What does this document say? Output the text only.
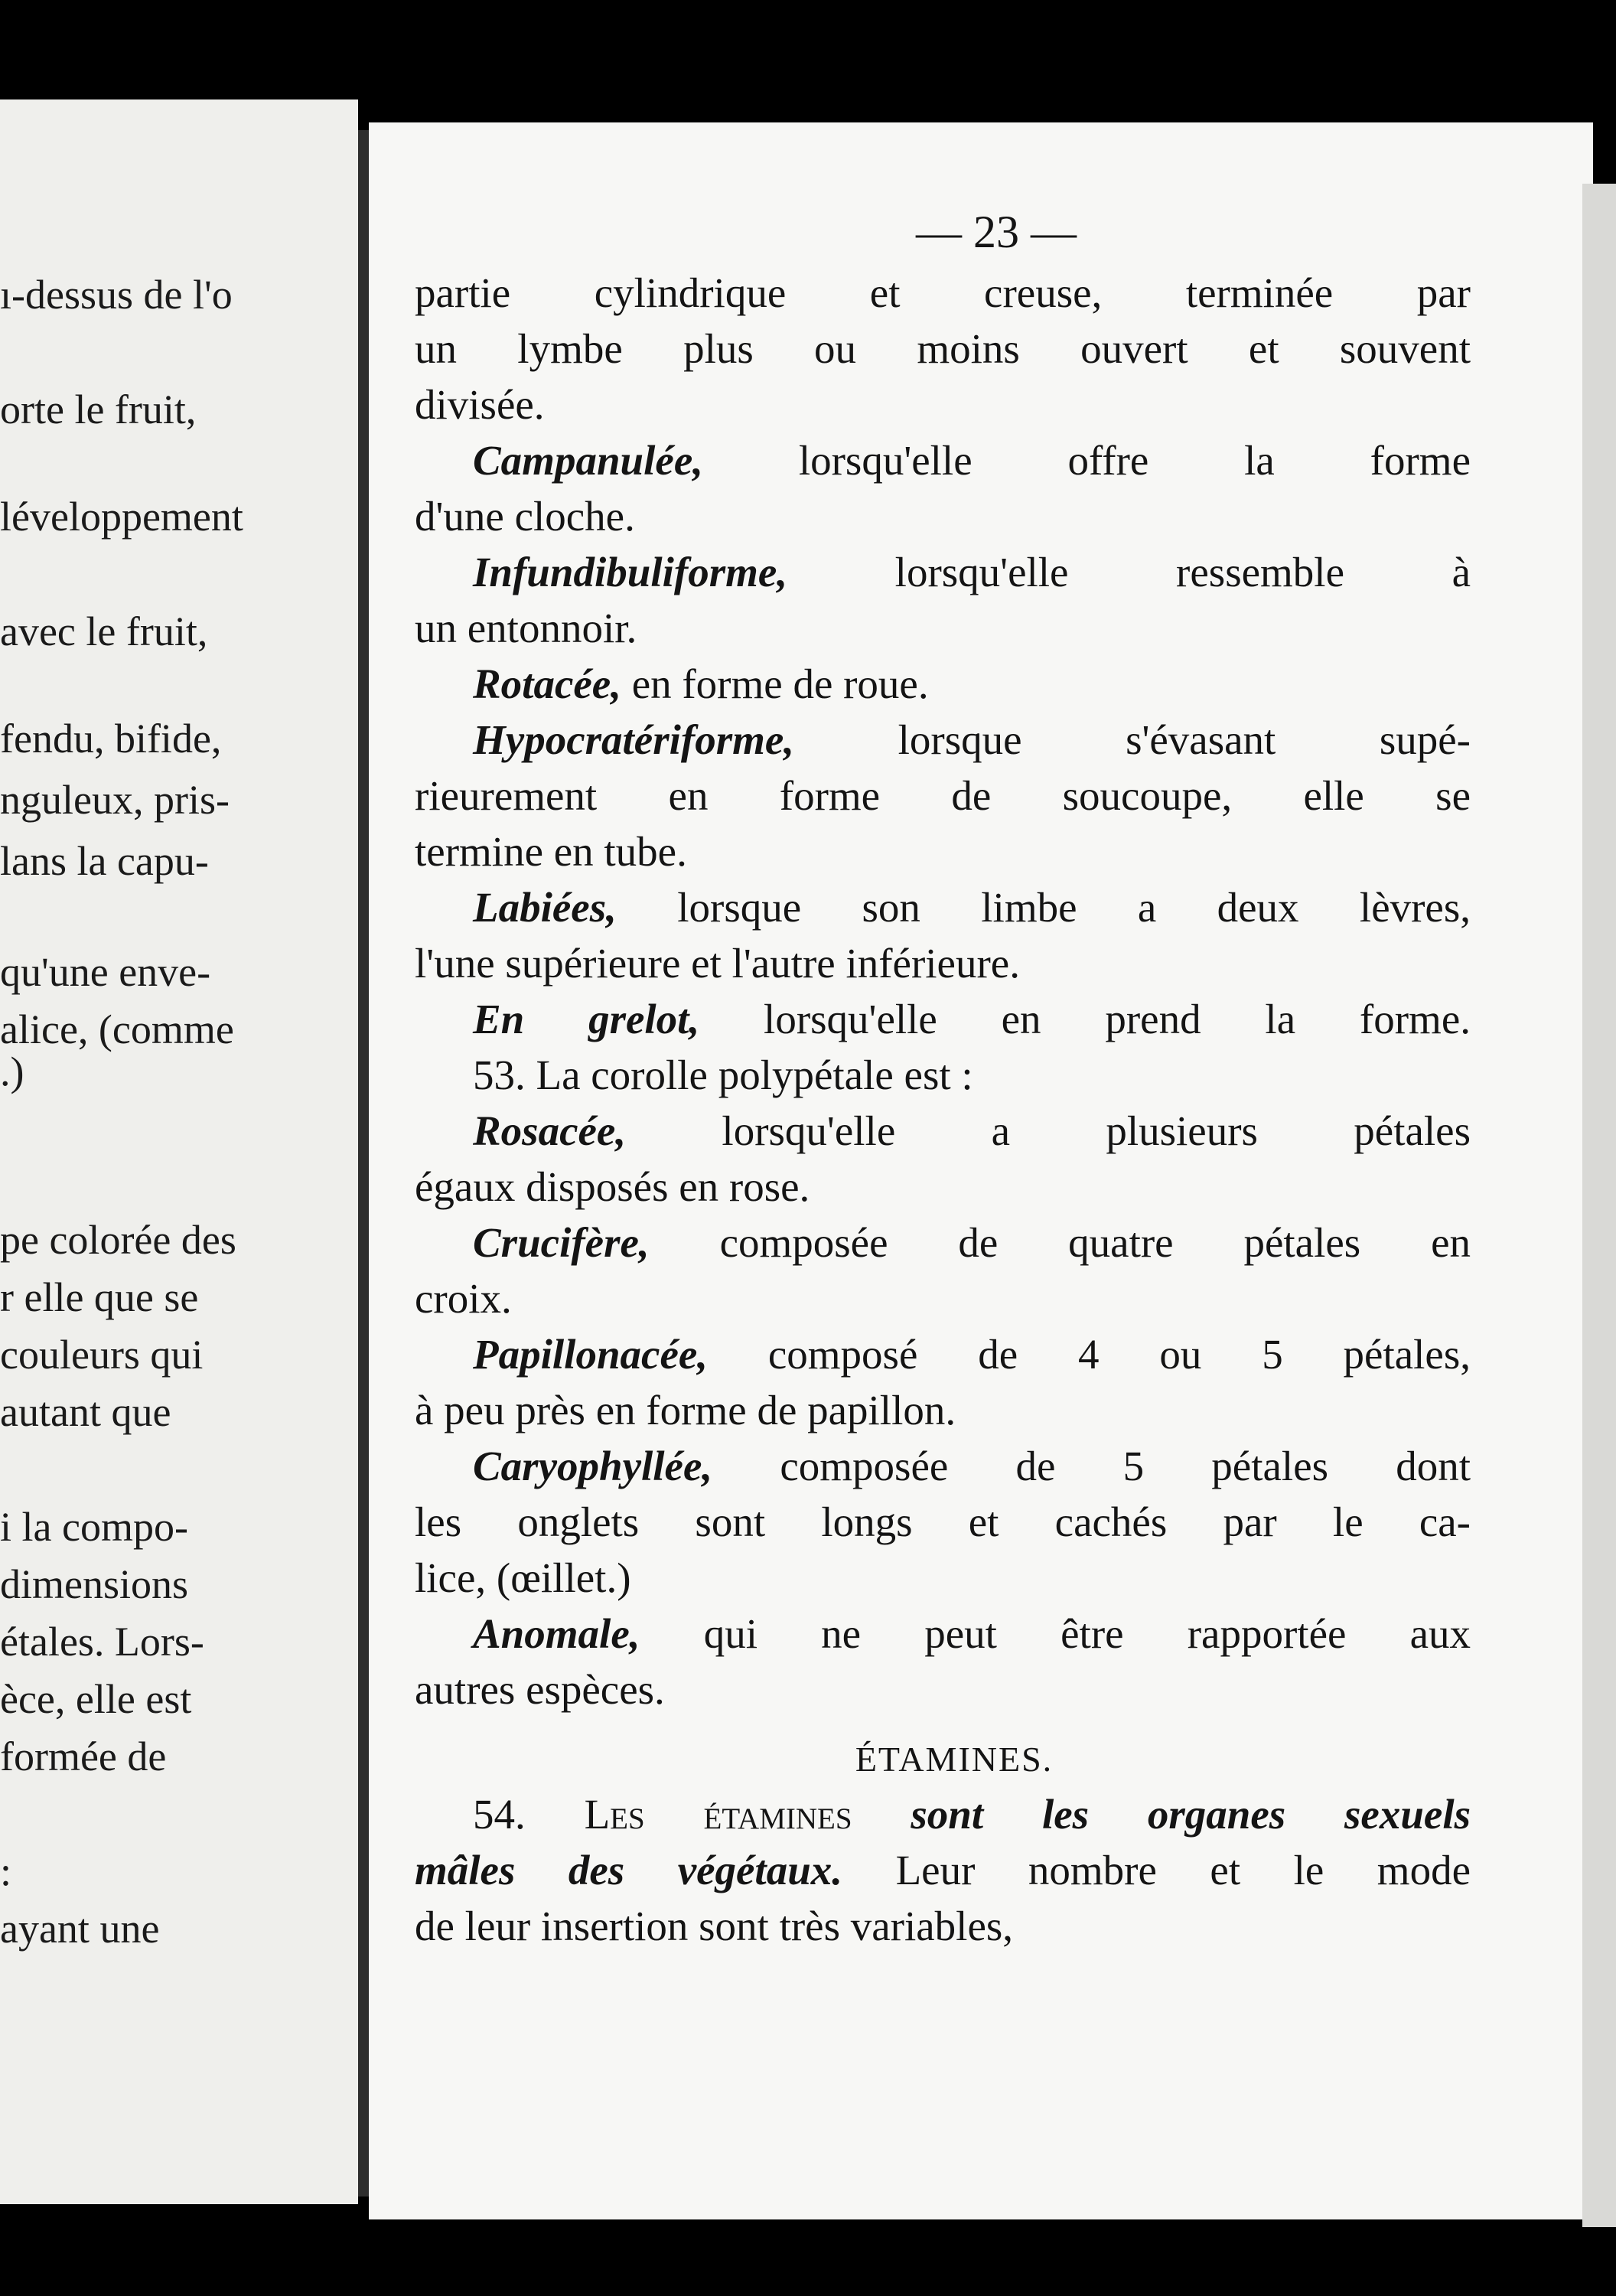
ı-dessus de l'o
orte le fruit,
léveloppement
avec le fruit,
fendu, bifide,
nguleux, pris-
lans la capu-
qu'une enve-
alice, (comme
.)
pe colorée des
r elle que se
couleurs qui
autant que
i la compo-
dimensions
étales. Lors-
èce, elle est
formée de
:
ayant une
— 23 —
partie cylindrique et creuse, terminée par
un lymbe plus ou moins ouvert et souvent
divisée.
Campanulée, lorsqu'elle offre la forme
d'une cloche.
Infundibuliforme, lorsqu'elle ressemble à
un entonnoir.
Rotacée, en forme de roue.
Hypocratériforme, lorsque s'évasant supé-
rieurement en forme de soucoupe, elle se
termine en tube.
Labiées, lorsque son limbe a deux lèvres,
l'une supérieure et l'autre inférieure.
En grelot, lorsqu'elle en prend la forme.
53. La corolle polypétale est :
Rosacée, lorsqu'elle a plusieurs pétales
égaux disposés en rose.
Crucifère, composée de quatre pétales en
croix.
Papillonacée, composé de 4 ou 5 pétales,
à peu près en forme de papillon.
Caryophyllée, composée de 5 pétales dont
les onglets sont longs et cachés par le ca-
lice, (œillet.)
Anomale, qui ne peut être rapportée aux
autres espèces.
ÉTAMINES.
54. Les étamines sont les organes sexuels
mâles des végétaux. Leur nombre et le mode
de leur insertion sont très variables,
